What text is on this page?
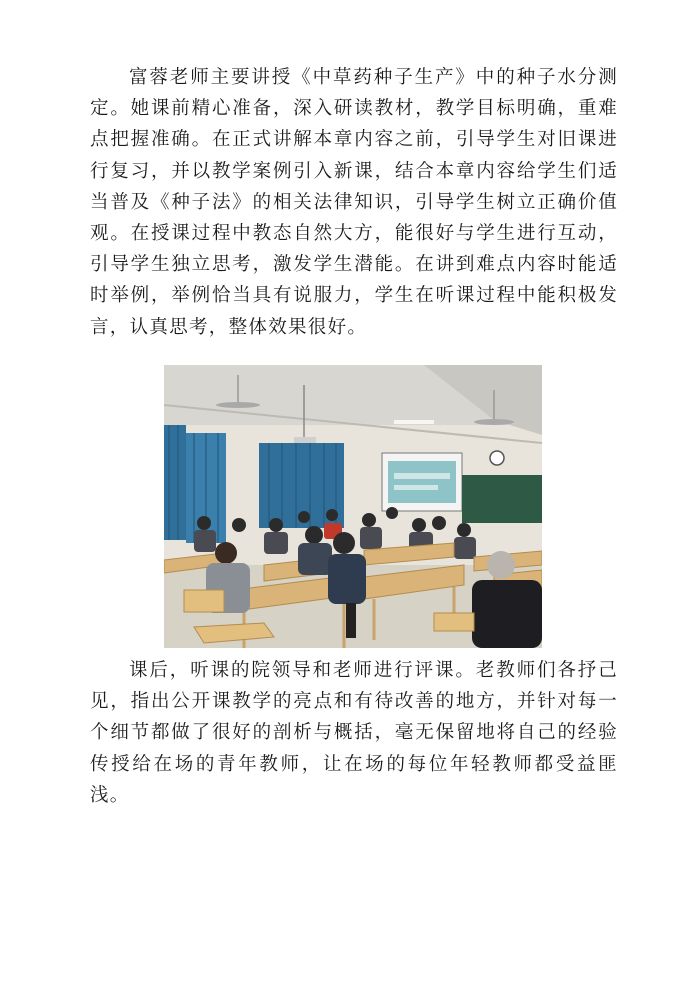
富蓉老师主要讲授《中草药种子生产》中的种子水分测定。她课前精心准备，深入研读教材，教学目标明确，重难点把握准确。在正式讲解本章内容之前，引导学生对旧课进行复习，并以教学案例引入新课，结合本章内容给学生们适当普及《种子法》的相关法律知识，引导学生树立正确价值观。在授课过程中教态自然大方，能很好与学生进行互动，引导学生独立思考，激发学生潜能。在讲到难点内容时能适时举例，举例恰当具有说服力，学生在听课过程中能积极发言，认真思考，整体效果很好。

课后，听课的院领导和老师进行评课。老教师们各抒己见，指出公开课教学的亮点和有待改善的地方，并针对每一个细节都做了很好的剖析与概括，毫无保留地将自己的经验传授给在场的青年教师，让在场的每位年轻教师都受益匪浅。
